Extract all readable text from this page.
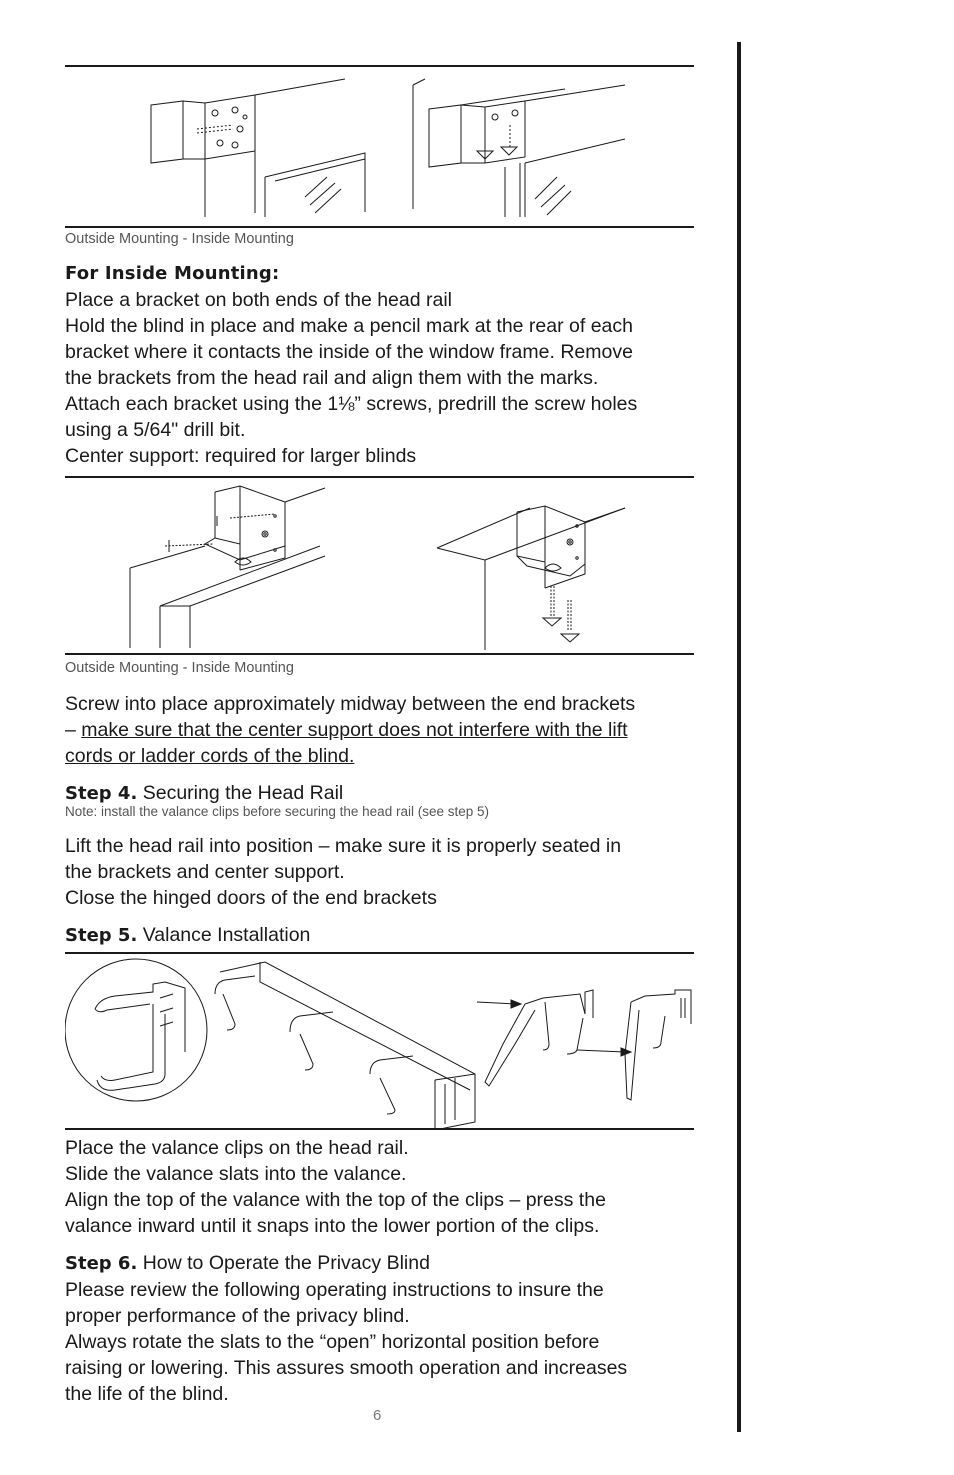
Outside Mounting - Inside Mounting

For Inside Mounting:

Place a bracket on both ends of the head rail

Hold the blind in place and make a pencil mark at the rear of each

bracket where it contacts the inside of the window frame. Remove

the brackets from the head rail and align them with the marks.

Attach each bracket using the 1⅛” screws, predrill the screw holes

using a 5/64" drill bit.

Center support: required for larger blinds

Outside Mounting - Inside Mounting

Screw into place approximately midway between the end brackets

– make sure that the center support does not interfere with the lift

cords or ladder cords of the blind.

Step 4. Securing the Head Rail

Note: install the valance clips before securing the head rail (see step 5)

Lift the head rail into position – make sure it is properly seated in

the brackets and center support.

Close the hinged doors of the end brackets

Step 5. Valance Installation

Place the valance clips on the head rail.

Slide the valance slats into the valance.

Align the top of the valance with the top of the clips – press the

valance inward until it snaps into the lower portion of the clips.

Step 6. How to Operate the Privacy Blind

Please review the following operating instructions to insure the

proper performance of the privacy blind.

Always rotate the slats to the “open” horizontal position before

raising or lowering. This assures smooth operation and increases

the life of the blind.

6
